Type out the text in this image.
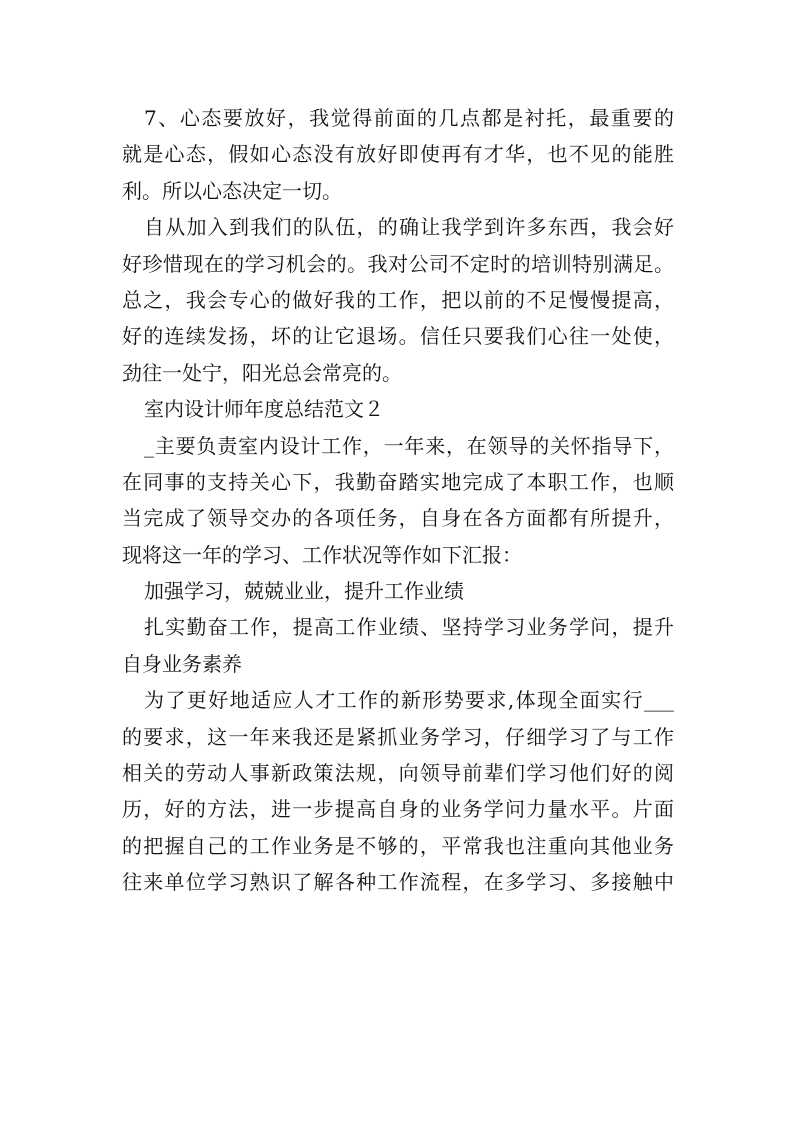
7、心态要放好，我觉得前面的几点都是衬托，最重要的
就是心态，假如心态没有放好即使再有才华，也不见的能胜
利。所以心态决定一切。
自从加入到我们的队伍，的确让我学到许多东西，我会好
好珍惜现在的学习机会的。我对公司不定时的培训特别满足。
总之，我会专心的做好我的工作，把以前的不足慢慢提高，
好的连续发扬，坏的让它退场。信任只要我们心往一处使，
劲往一处宁，阳光总会常亮的。
室内设计师年度总结范文２
_主要负责室内设计工作，一年来，在领导的关怀指导下，
在同事的支持关心下，我勤奋踏实地完成了本职工作，也顺
当完成了领导交办的各项任务，自身在各方面都有所提升，
现将这一年的学习、工作状况等作如下汇报：
加强学习，兢兢业业，提升工作业绩
扎实勤奋工作，提高工作业绩、坚持学习业务学问，提升
自身业务素养
为了更好地适应人才工作的新形势要求,体现全面实行___
的要求，这一年来我还是紧抓业务学习，仔细学习了与工作
相关的劳动人事新政策法规，向领导前辈们学习他们好的阅
历，好的方法，进一步提高自身的业务学问力量水平。片面
的把握自己的工作业务是不够的，平常我也注重向其他业务
往来单位学习熟识了解各种工作流程，在多学习、多接触中
